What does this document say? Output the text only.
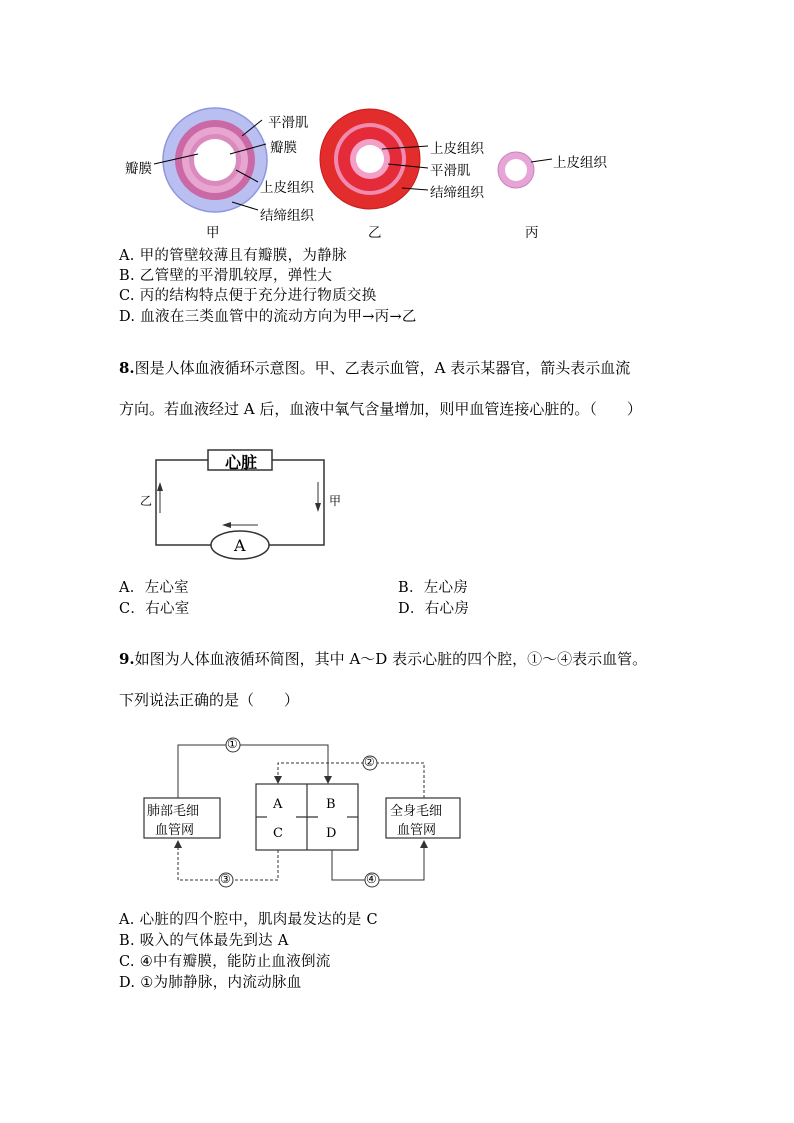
平滑肌
瓣膜
瓣膜
上皮组织
结缔组织
上皮组织
平滑肌
结缔组织
上皮组织
甲	乙	丙
A. 甲的管壁较薄且有瓣膜，为静脉
B. 乙管壁的平滑肌较厚，弹性大
C. 丙的结构特点便于充分进行物质交换
D. 血液在三类血管中的流动方向为甲→丙→乙
8.图是人体血液循环示意图。甲、乙表示血管，A 表示某器官，箭头表示血流
方向。若血液经过 A 后，血液中氧气含量增加，则甲血管连接心脏的。（　　）
心脏
乙	甲
A
A．左心室	B．左心房
C．右心室	D．右心房
9.如图为人体血液循环简图，其中 A～D 表示心脏的四个腔，①～④表示血管。
下列说法正确的是（　　）
肺部毛细
血管网
全身毛细
血管网
A	B
C	D
①
②
③	④
A. 心脏的四个腔中，肌肉最发达的是 C
B. 吸入的气体最先到达 A
C. ④中有瓣膜，能防止血液倒流
D. ①为肺静脉，内流动脉血
